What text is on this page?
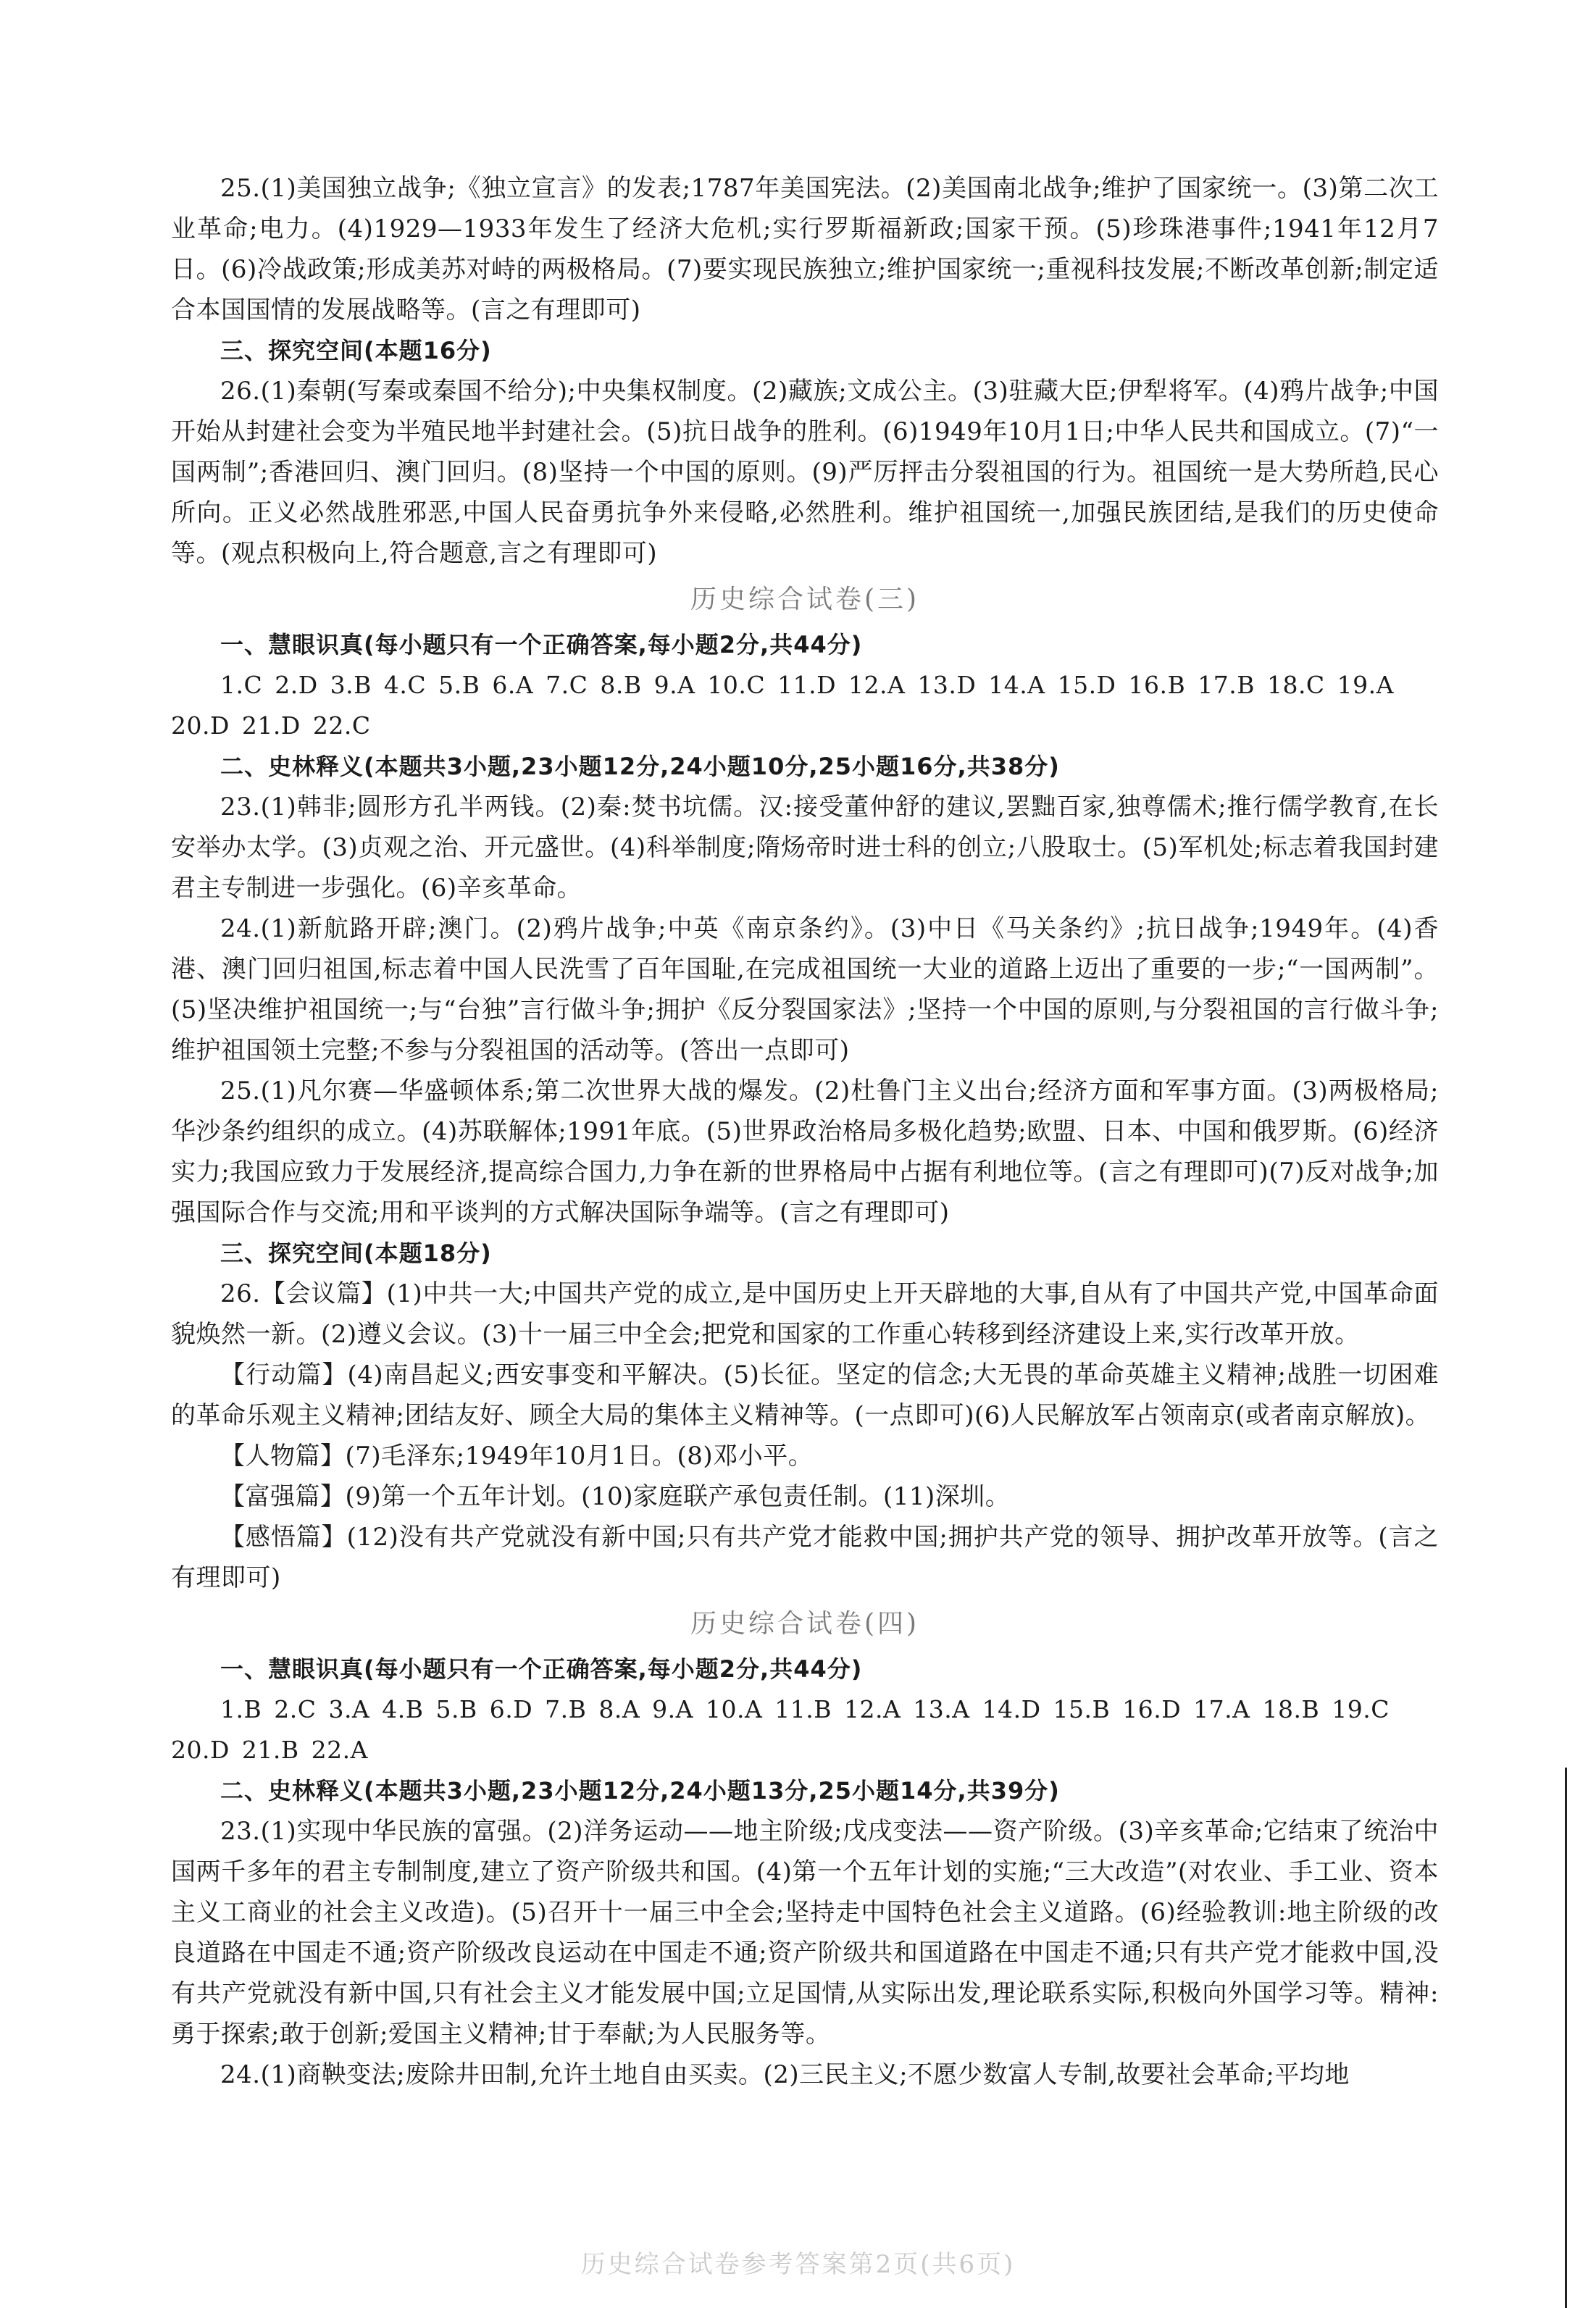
25.(1)美国独立战争;《独立宣言》的发表;1787年美国宪法。(2)美国南北战争;维护了国家统一。(3)第二次工业革命;电力。(4)1929—1933年发生了经济大危机;实行罗斯福新政;国家干预。(5)珍珠港事件;1941年12月7日。(6)冷战政策;形成美苏对峙的两极格局。(7)要实现民族独立;维护国家统一;重视科技发展;不断改革创新;制定适合本国国情的发展战略等。(言之有理即可)

三、探究空间(本题16分)

26.(1)秦朝(写秦或秦国不给分);中央集权制度。(2)藏族;文成公主。(3)驻藏大臣;伊犁将军。(4)鸦片战争;中国开始从封建社会变为半殖民地半封建社会。(5)抗日战争的胜利。(6)1949年10月1日;中华人民共和国成立。(7)“一国两制”;香港回归、澳门回归。(8)坚持一个中国的原则。(9)严厉抨击分裂祖国的行为。祖国统一是大势所趋,民心所向。正义必然战胜邪恶,中国人民奋勇抗争外来侵略,必然胜利。维护祖国统一,加强民族团结,是我们的历史使命等。(观点积极向上,符合题意,言之有理即可)

历史综合试卷(三)

一、慧眼识真(每小题只有一个正确答案,每小题2分,共44分)

1.C 2.D 3.B 4.C 5.B 6.A 7.C 8.B 9.A 10.C 11.D 12.A 13.D 14.A 15.D 16.B 17.B 18.C 19.A 20.D 21.D 22.C

二、史林释义(本题共3小题,23小题12分,24小题10分,25小题16分,共38分)

23.(1)韩非;圆形方孔半两钱。(2)秦:焚书坑儒。汉:接受董仲舒的建议,罢黜百家,独尊儒术;推行儒学教育,在长安举办太学。(3)贞观之治、开元盛世。(4)科举制度;隋炀帝时进士科的创立;八股取士。(5)军机处;标志着我国封建君主专制进一步强化。(6)辛亥革命。

24.(1)新航路开辟;澳门。(2)鸦片战争;中英《南京条约》。(3)中日《马关条约》;抗日战争;1949年。(4)香港、澳门回归祖国,标志着中国人民洗雪了百年国耻,在完成祖国统一大业的道路上迈出了重要的一步;“一国两制”。 (5)坚决维护祖国统一;与“台独”言行做斗争;拥护《反分裂国家法》;坚持一个中国的原则,与分裂祖国的言行做斗争;维护祖国领土完整;不参与分裂祖国的活动等。(答出一点即可)

25.(1)凡尔赛—华盛顿体系;第二次世界大战的爆发。(2)杜鲁门主义出台;经济方面和军事方面。(3)两极格局;华沙条约组织的成立。(4)苏联解体;1991年底。(5)世界政治格局多极化趋势;欧盟、日本、中国和俄罗斯。(6)经济实力;我国应致力于发展经济,提高综合国力,力争在新的世界格局中占据有利地位等。(言之有理即可)(7)反对战争;加强国际合作与交流;用和平谈判的方式解决国际争端等。(言之有理即可)

三、探究空间(本题18分)

26.【会议篇】(1)中共一大;中国共产党的成立,是中国历史上开天辟地的大事,自从有了中国共产党,中国革命面貌焕然一新。(2)遵义会议。(3)十一届三中全会;把党和国家的工作重心转移到经济建设上来,实行改革开放。

【行动篇】(4)南昌起义;西安事变和平解决。(5)长征。坚定的信念;大无畏的革命英雄主义精神;战胜一切困难的革命乐观主义精神;团结友好、顾全大局的集体主义精神等。(一点即可)(6)人民解放军占领南京(或者南京解放)。

【人物篇】(7)毛泽东;1949年10月1日。(8)邓小平。

【富强篇】(9)第一个五年计划。(10)家庭联产承包责任制。(11)深圳。

【感悟篇】(12)没有共产党就没有新中国;只有共产党才能救中国;拥护共产党的领导、拥护改革开放等。(言之有理即可)

历史综合试卷(四)

一、慧眼识真(每小题只有一个正确答案,每小题2分,共44分)

1.B 2.C 3.A 4.B 5.B 6.D 7.B 8.A 9.A 10.A 11.B 12.A 13.A 14.D 15.B 16.D 17.A 18.B 19.C 20.D 21.B 22.A

二、史林释义(本题共3小题,23小题12分,24小题13分,25小题14分,共39分)

23.(1)实现中华民族的富强。(2)洋务运动——地主阶级;戊戌变法——资产阶级。(3)辛亥革命;它结束了统治中国两千多年的君主专制制度,建立了资产阶级共和国。(4)第一个五年计划的实施;“三大改造”(对农业、手工业、资本主义工商业的社会主义改造)。(5)召开十一届三中全会;坚持走中国特色社会主义道路。(6)经验教训:地主阶级的改良道路在中国走不通;资产阶级改良运动在中国走不通;资产阶级共和国道路在中国走不通;只有共产党才能救中国,没有共产党就没有新中国,只有社会主义才能发展中国;立足国情,从实际出发,理论联系实际,积极向外国学习等。精神:勇于探索;敢于创新;爱国主义精神;甘于奉献;为人民服务等。

24.(1)商鞅变法;废除井田制,允许土地自由买卖。(2)三民主义;不愿少数富人专制,故要社会革命;平均地

历史综合试卷参考答案第2页(共6页)
